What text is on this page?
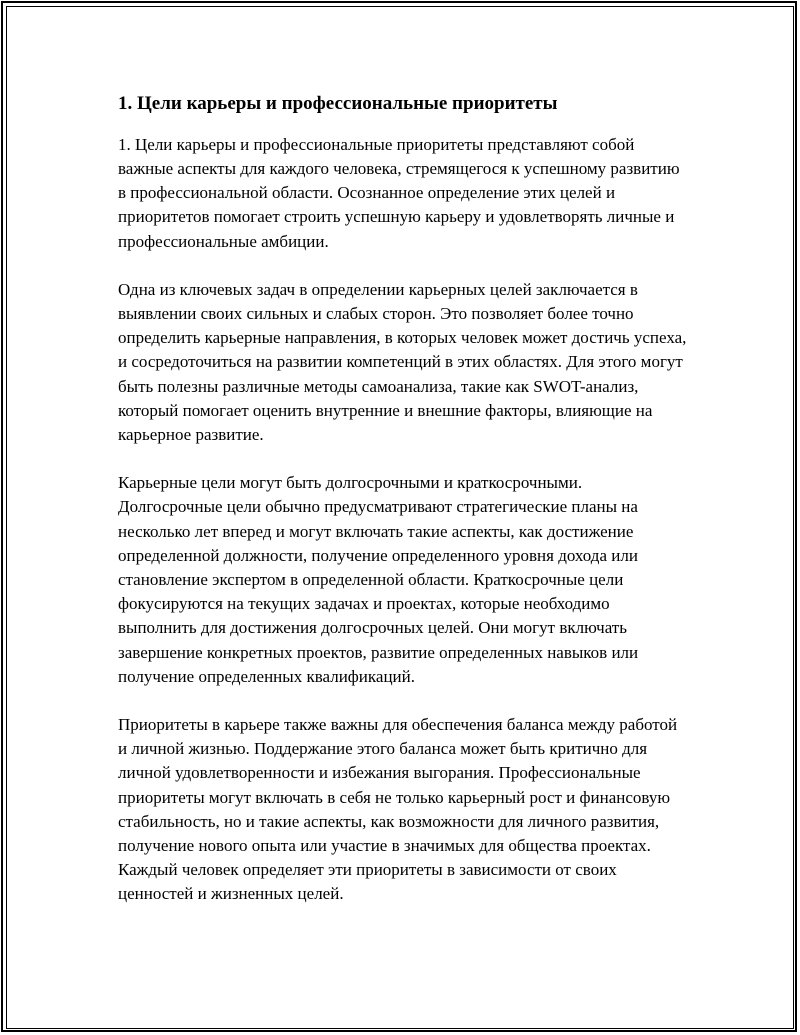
1. Цели карьеры и профессиональные приоритеты

1. Цели карьеры и профессиональные приоритеты представляют собой важные аспекты для каждого человека, стремящегося к успешному развитию в профессиональной области. Осознанное определение этих целей и приоритетов помогает строить успешную карьеру и удовлетворять личные и профессиональные амбиции.

Одна из ключевых задач в определении карьерных целей заключается в выявлении своих сильных и слабых сторон. Это позволяет более точно определить карьерные направления, в которых человек может достичь успеха, и сосредоточиться на развитии компетенций в этих областях. Для этого могут быть полезны различные методы самоанализа, такие как SWOT-анализ, который помогает оценить внутренние и внешние факторы, влияющие на карьерное развитие.

Карьерные цели могут быть долгосрочными и краткосрочными. Долгосрочные цели обычно предусматривают стратегические планы на несколько лет вперед и могут включать такие аспекты, как достижение определенной должности, получение определенного уровня дохода или становление экспертом в определенной области. Краткосрочные цели фокусируются на текущих задачах и проектах, которые необходимо выполнить для достижения долгосрочных целей. Они могут включать завершение конкретных проектов, развитие определенных навыков или получение определенных квалификаций.

Приоритеты в карьере также важны для обеспечения баланса между работой и личной жизнью. Поддержание этого баланса может быть критично для личной удовлетворенности и избежания выгорания. Профессиональные приоритеты могут включать в себя не только карьерный рост и финансовую стабильность, но и такие аспекты, как возможности для личного развития, получение нового опыта или участие в значимых для общества проектах. Каждый человек определяет эти приоритеты в зависимости от своих ценностей и жизненных целей.
